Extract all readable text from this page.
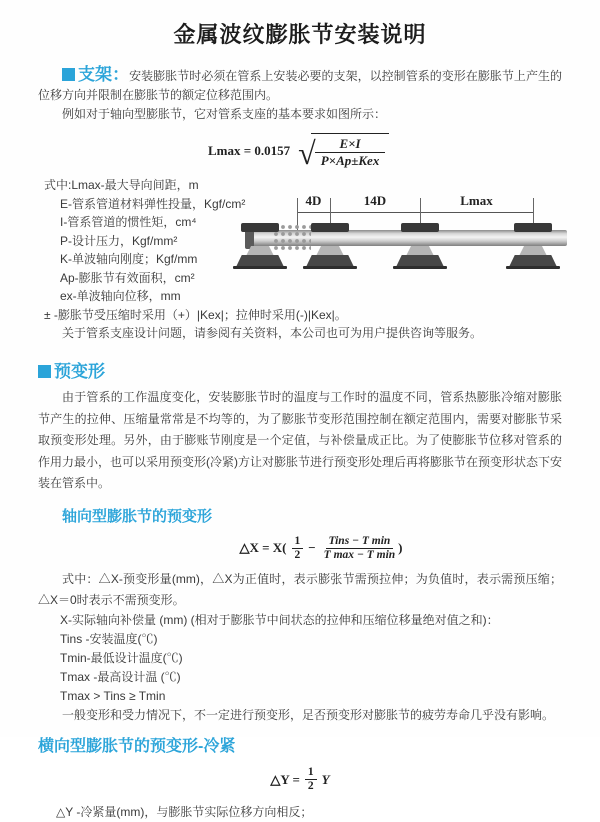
金属波纹膨胀节安装说明

支架：安装膨胀节时必须在管系上安装必要的支架，以控制管系的变形在膨胀节上产生的位移方向并限制在膨胀节的额定位移范围内。

例如对于轴向型膨胀节，它对管系支座的基本要求如图所示：

Lmax = 0.0157 √	E×I
P×Ap±Kex

式中:Lmax-最大导向间距，m

E-管系管道材料弹性投量，Kgf/cm²

I-管系管道的惯性矩，cm⁴

P-设计压力，Kgf/mm²

K-单波轴向刚度；Kgf/mm

Ap-膨胀节有效面积，cm²

ex-单波轴向位移，mm

± -膨胀节受压缩时采用（+）|Kex|；拉伸时采用(-)|Kex|。

关于管系支座设计问题，请参阅有关资料，本公司也可为用户提供咨询等服务。

4D	14D	Lmax
预变形

由于管系的工作温度变化，安装膨胀节时的温度与工作时的温度不同，管系热膨胀冷缩对膨胀节产生的拉伸、压缩量常常是不均等的，为了膨胀节变形范围控制在额定范围内，需要对膨胀节采取预变形处理。另外，由于膨账节刚度是一个定值，与补偿量成正比。为了使膨胀节位移对管系的作用力最小，也可以采用预变形(冷紧)方让对膨胀节进行预变形处理后再将膨胀节在预变形状态下安装在管系中。

轴向型膨胀节的预变形
△X = $X( \frac{1}{2} - \frac{\text{Tins − T min}}{\text{T max − T min}}$ )

式中：△X-预变形量(mm)，△X为正值时，表示膨张节需预拉伸；为负值时，表示需预压缩；△X＝0时表示不需预变形。

X-实际轴向补偿量 (mm) (相对于膨胀节中间状态的拉伸和压缩位移量绝对值之和)：

Tins -安装温度(℃)

Tmin-最低设计温度(℃)

Tmax -最高设计温 (℃)

Tmax > Tins ≥ Tmin

一般变形和受力情况下，不一定进行预变形，足否预变形对膨胀节的疲劳寿命几乎没有影响。

横向型膨胀节的预变形-冷紧
△Y = $\frac{1}{2}$ Y

△Y -冷紧量(mm)，与膨胀节实际位移方向相反；
